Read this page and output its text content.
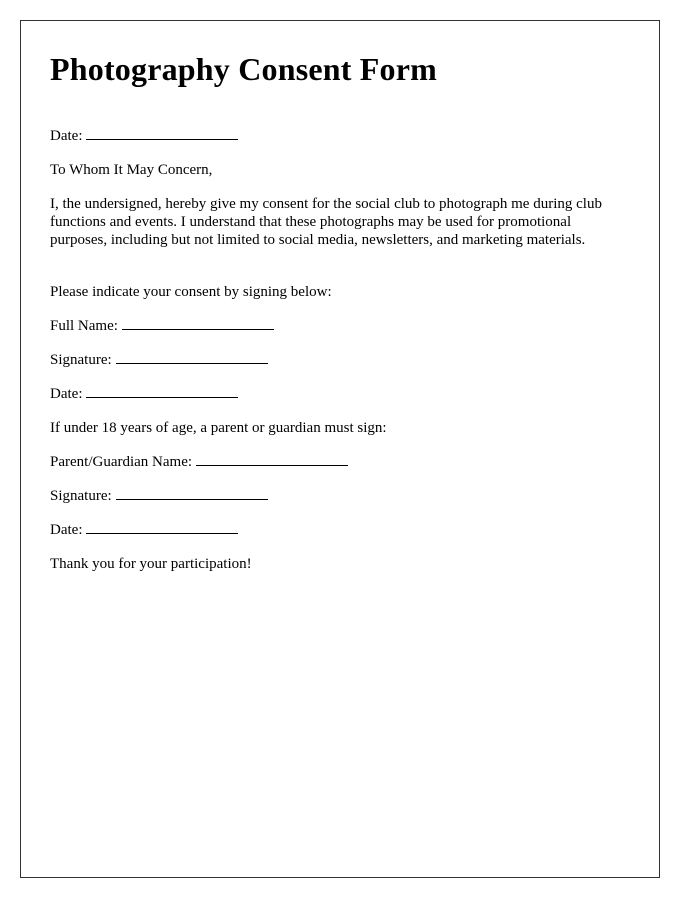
Photography Consent Form
Date:

To Whom It May Concern,

I, the undersigned, hereby give my consent for the social club to photograph me during club functions and events. I understand that these photographs may be used for promotional purposes, including but not limited to social media, newsletters, and marketing materials.

Please indicate your consent by signing below:

Full Name:
Signature:
Date:

If under 18 years of age, a parent or guardian must sign:

Parent/Guardian Name:
Signature:
Date:

Thank you for your participation!
